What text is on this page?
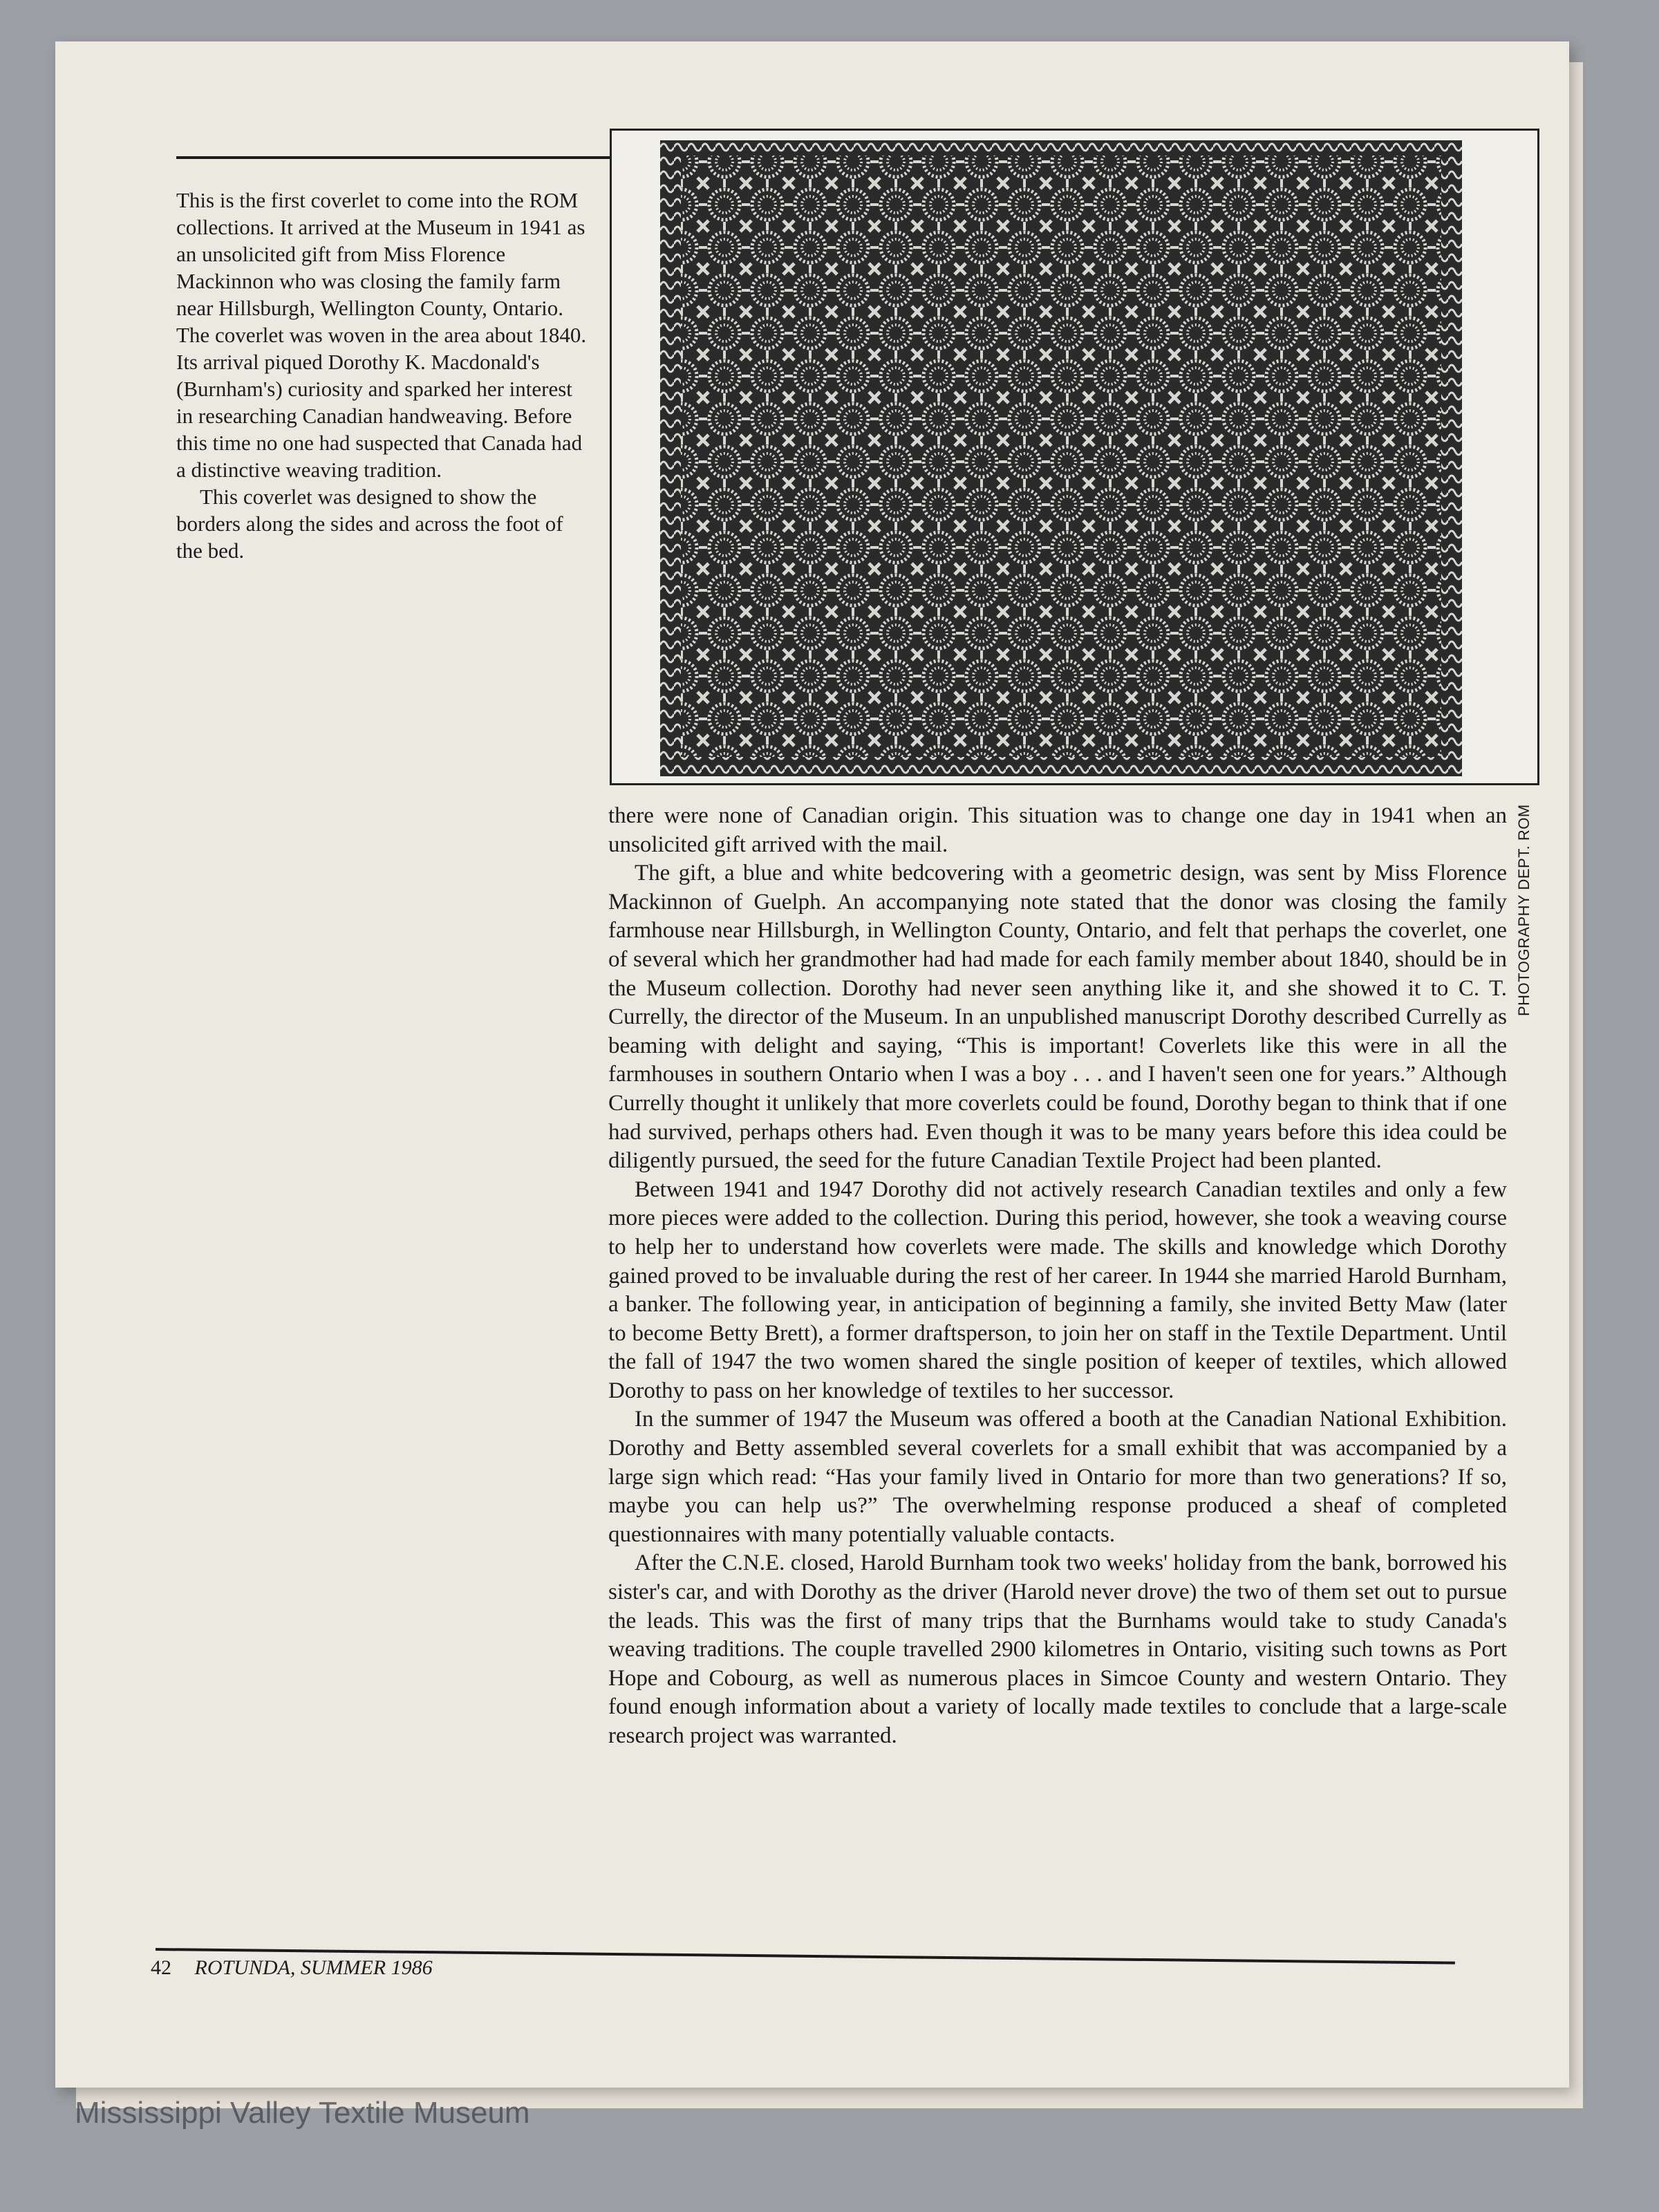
This is the first coverlet to come into the ROM collections. It arrived at the Museum in 1941 as an unsolicited gift from Miss Florence Mackinnon who was closing the family farm near Hillsburgh, Wellington County, Ontario. The coverlet was woven in the area about 1840. Its arrival piqued Dorothy K. Macdonald's (Burnham's) curiosity and sparked her interest in researching Canadian handweaving. Before this time no one had suspected that Canada had a distinctive weaving tradition.

This coverlet was designed to show the borders along the sides and across the foot of the bed.

PHOTOGRAPHY DEPT. ROM

there were none of Canadian origin. This situation was to change one day in 1941 when an unsolicited gift arrived with the mail.

The gift, a blue and white bedcovering with a geometric design, was sent by Miss Florence Mackinnon of Guelph. An accompanying note stated that the donor was closing the family farmhouse near Hillsburgh, in Wellington County, Ontario, and felt that perhaps the coverlet, one of several which her grandmother had had made for each family member about 1840, should be in the Museum collection. Dorothy had never seen anything like it, and she showed it to C. T. Currelly, the director of the Museum. In an unpublished manuscript Dorothy described Currelly as beaming with delight and saying, “This is important! Coverlets like this were in all the farmhouses in southern Ontario when I was a boy . . . and I haven't seen one for years.” Although Currelly thought it unlikely that more coverlets could be found, Dorothy began to think that if one had survived, perhaps others had. Even though it was to be many years before this idea could be diligently pursued, the seed for the future Canadian Textile Project had been planted.

Between 1941 and 1947 Dorothy did not actively research Canadian textiles and only a few more pieces were added to the collection. During this period, however, she took a weaving course to help her to understand how coverlets were made. The skills and knowledge which Dorothy gained proved to be invaluable during the rest of her career. In 1944 she married Harold Burnham, a banker. The following year, in anticipation of beginning a family, she invited Betty Maw (later to become Betty Brett), a former draftsperson, to join her on staff in the Textile Department. Until the fall of 1947 the two women shared the single position of keeper of textiles, which allowed Dorothy to pass on her knowledge of textiles to her successor.

In the summer of 1947 the Museum was offered a booth at the Canadian National Exhibition. Dorothy and Betty assembled several coverlets for a small exhibit that was accompanied by a large sign which read: “Has your family lived in Ontario for more than two generations? If so, maybe you can help us?” The overwhelming response produced a sheaf of completed questionnaires with many potentially valuable contacts.

After the C.N.E. closed, Harold Burnham took two weeks' holiday from the bank, borrowed his sister's car, and with Dorothy as the driver (Harold never drove) the two of them set out to pursue the leads. This was the first of many trips that the Burnhams would take to study Canada's weaving traditions. The couple travelled 2900 kilometres in Ontario, visiting such towns as Port Hope and Cobourg, as well as numerous places in Simcoe County and western Ontario. They found enough information about a variety of locally made textiles to conclude that a large-scale research project was warranted.

42 ROTUNDA, SUMMER 1986
Mississippi Valley Textile Museum
